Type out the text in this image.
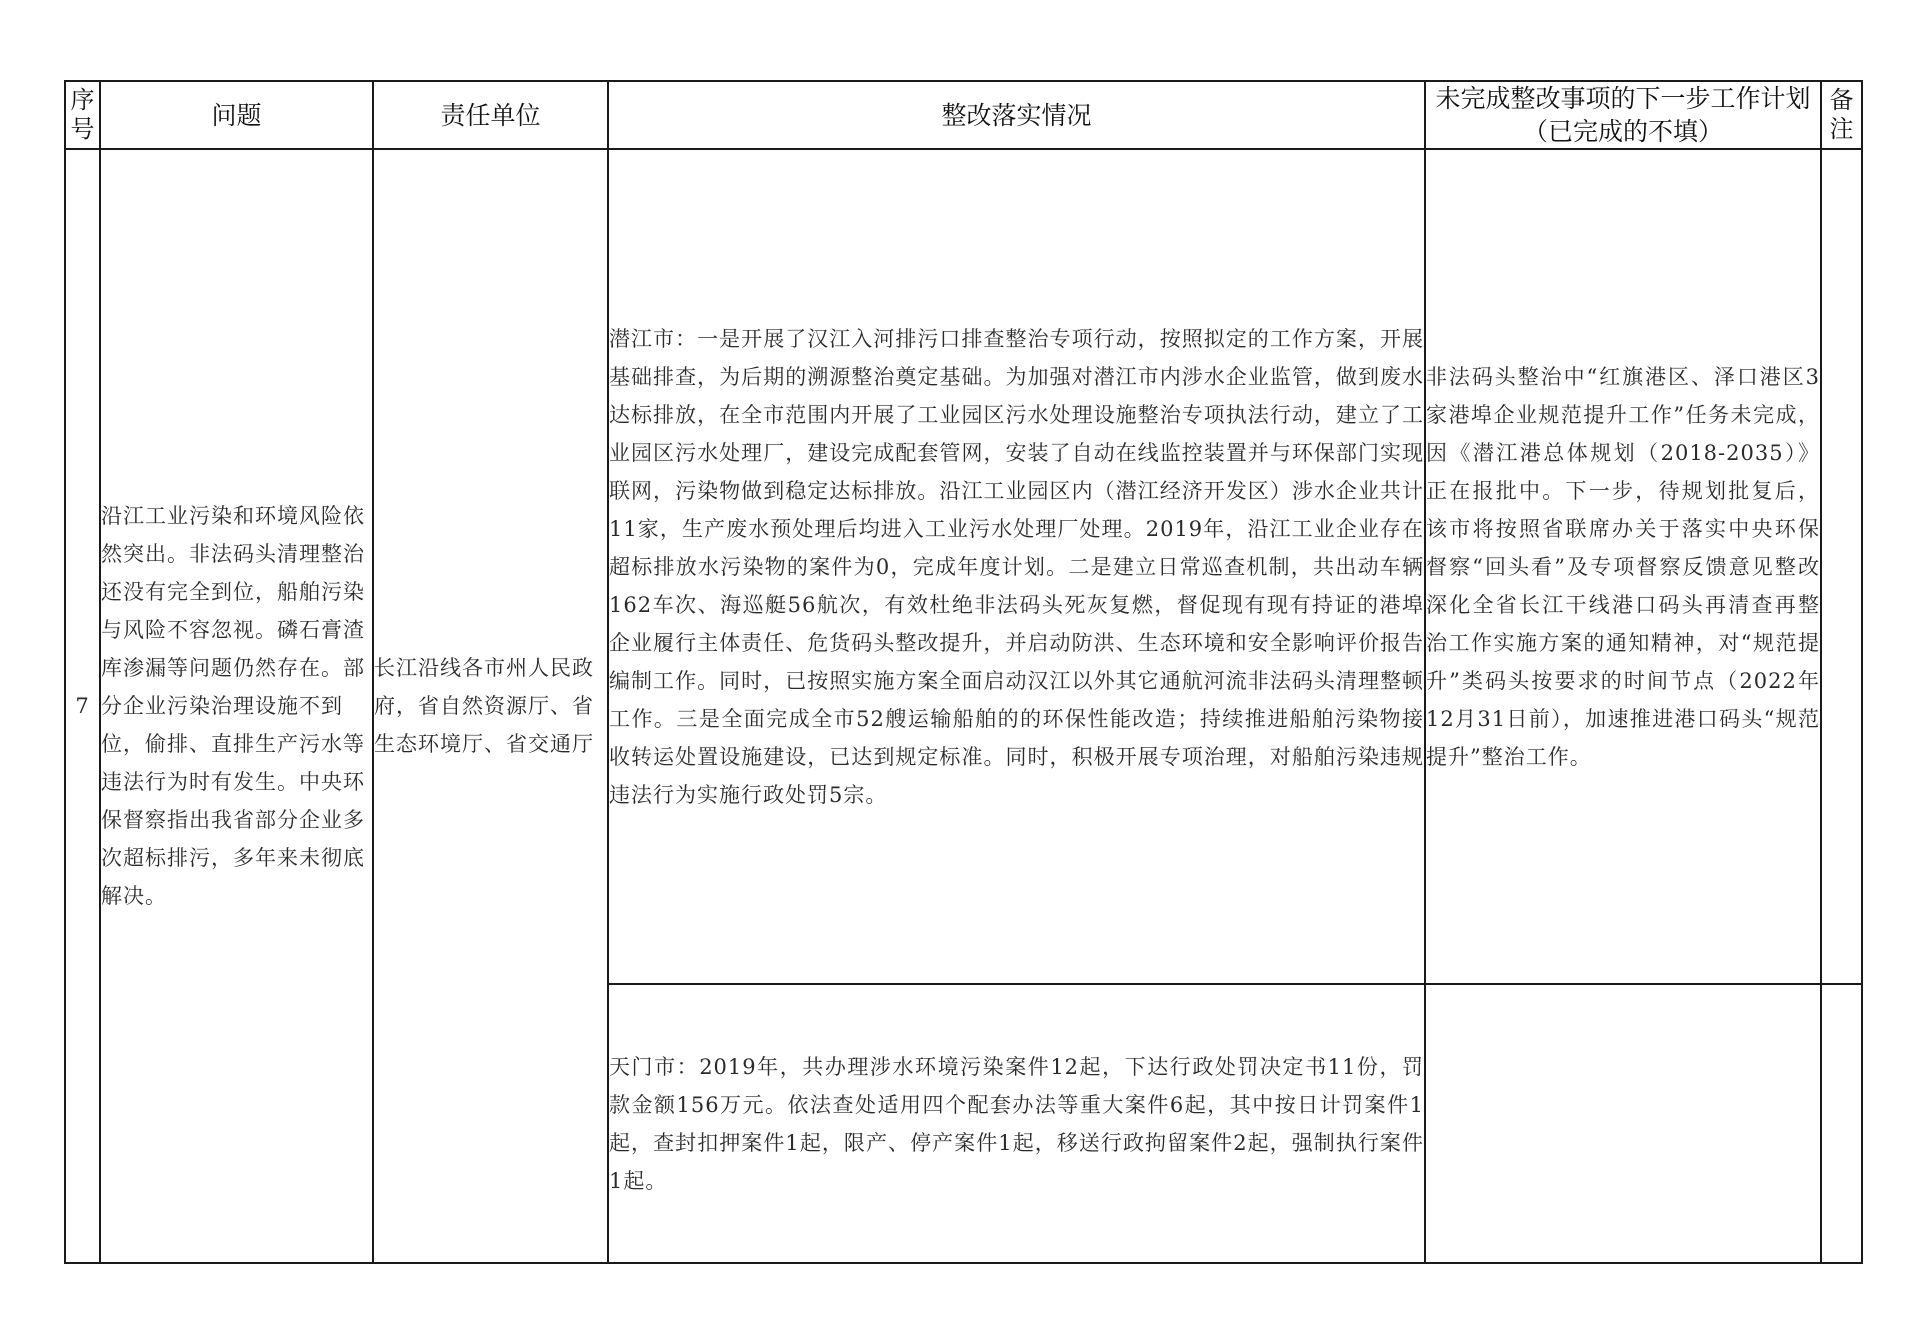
序号	问题	责任单位	整改落实情况	未完成整改事项的下一步工作计划（已完成的不填）	备注
7	沿江工业污染和环境风险依然突出。非法码头清理整治还没有完全到位，船舶污染与风险不容忽视。磷石膏渣库渗漏等问题仍然存在。部分企业污染治理设施不到位，偷排、直排生产污水等违法行为时有发生。中央环保督察指出我省部分企业多次超标排污，多年来未彻底解决。	长江沿线各市州人民政府，省自然资源厅、省生态环境厅、省交通厅	潜江市：一是开展了汉江入河排污口排查整治专项行动，按照拟定的工作方案，开展基础排查，为后期的溯源整治奠定基础。为加强对潜江市内涉水企业监管，做到废水达标排放，在全市范围内开展了工业园区污水处理设施整治专项执法行动，建立了工业园区污水处理厂，建设完成配套管网，安装了自动在线监控装置并与环保部门实现联网，污染物做到稳定达标排放。沿江工业园区内（潜江经济开发区）涉水企业共计11家，生产废水预处理后均进入工业污水处理厂处理。2019年，沿江工业企业存在超标排放水污染物的案件为0，完成年度计划。二是建立日常巡查机制，共出动车辆162车次、海巡艇56航次，有效杜绝非法码头死灰复燃，督促现有现有持证的港埠企业履行主体责任、危货码头整改提升，并启动防洪、生态环境和安全影响评价报告编制工作。同时，已按照实施方案全面启动汉江以外其它通航河流非法码头清理整顿工作。三是全面完成全市52艘运输船舶的的环保性能改造；持续推进船舶污染物接收转运处置设施建设，已达到规定标准。同时，积极开展专项治理，对船舶污染违规违法行为实施行政处罚5宗。	非法码头整治中“红旗港区、泽口港区3家港埠企业规范提升工作”任务未完成，因《潜江港总体规划（2018-2035）》正在报批中。下一步，待规划批复后，该市将按照省联席办关于落实中央环保督察“回头看”及专项督察反馈意见整改深化全省长江干线港口码头再清查再整治工作实施方案的通知精神，对“规范提升”类码头按要求的时间节点（2022年12月31日前），加速推进港口码头“规范提升”整治工作。	

			天门市：2019年，共办理涉水环境污染案件12起，下达行政处罚决定书11份，罚款金额156万元。依法查处适用四个配套办法等重大案件6起，其中按日计罚案件1起，查封扣押案件1起，限产、停产案件1起，移送行政拘留案件2起，强制执行案件1起。		
